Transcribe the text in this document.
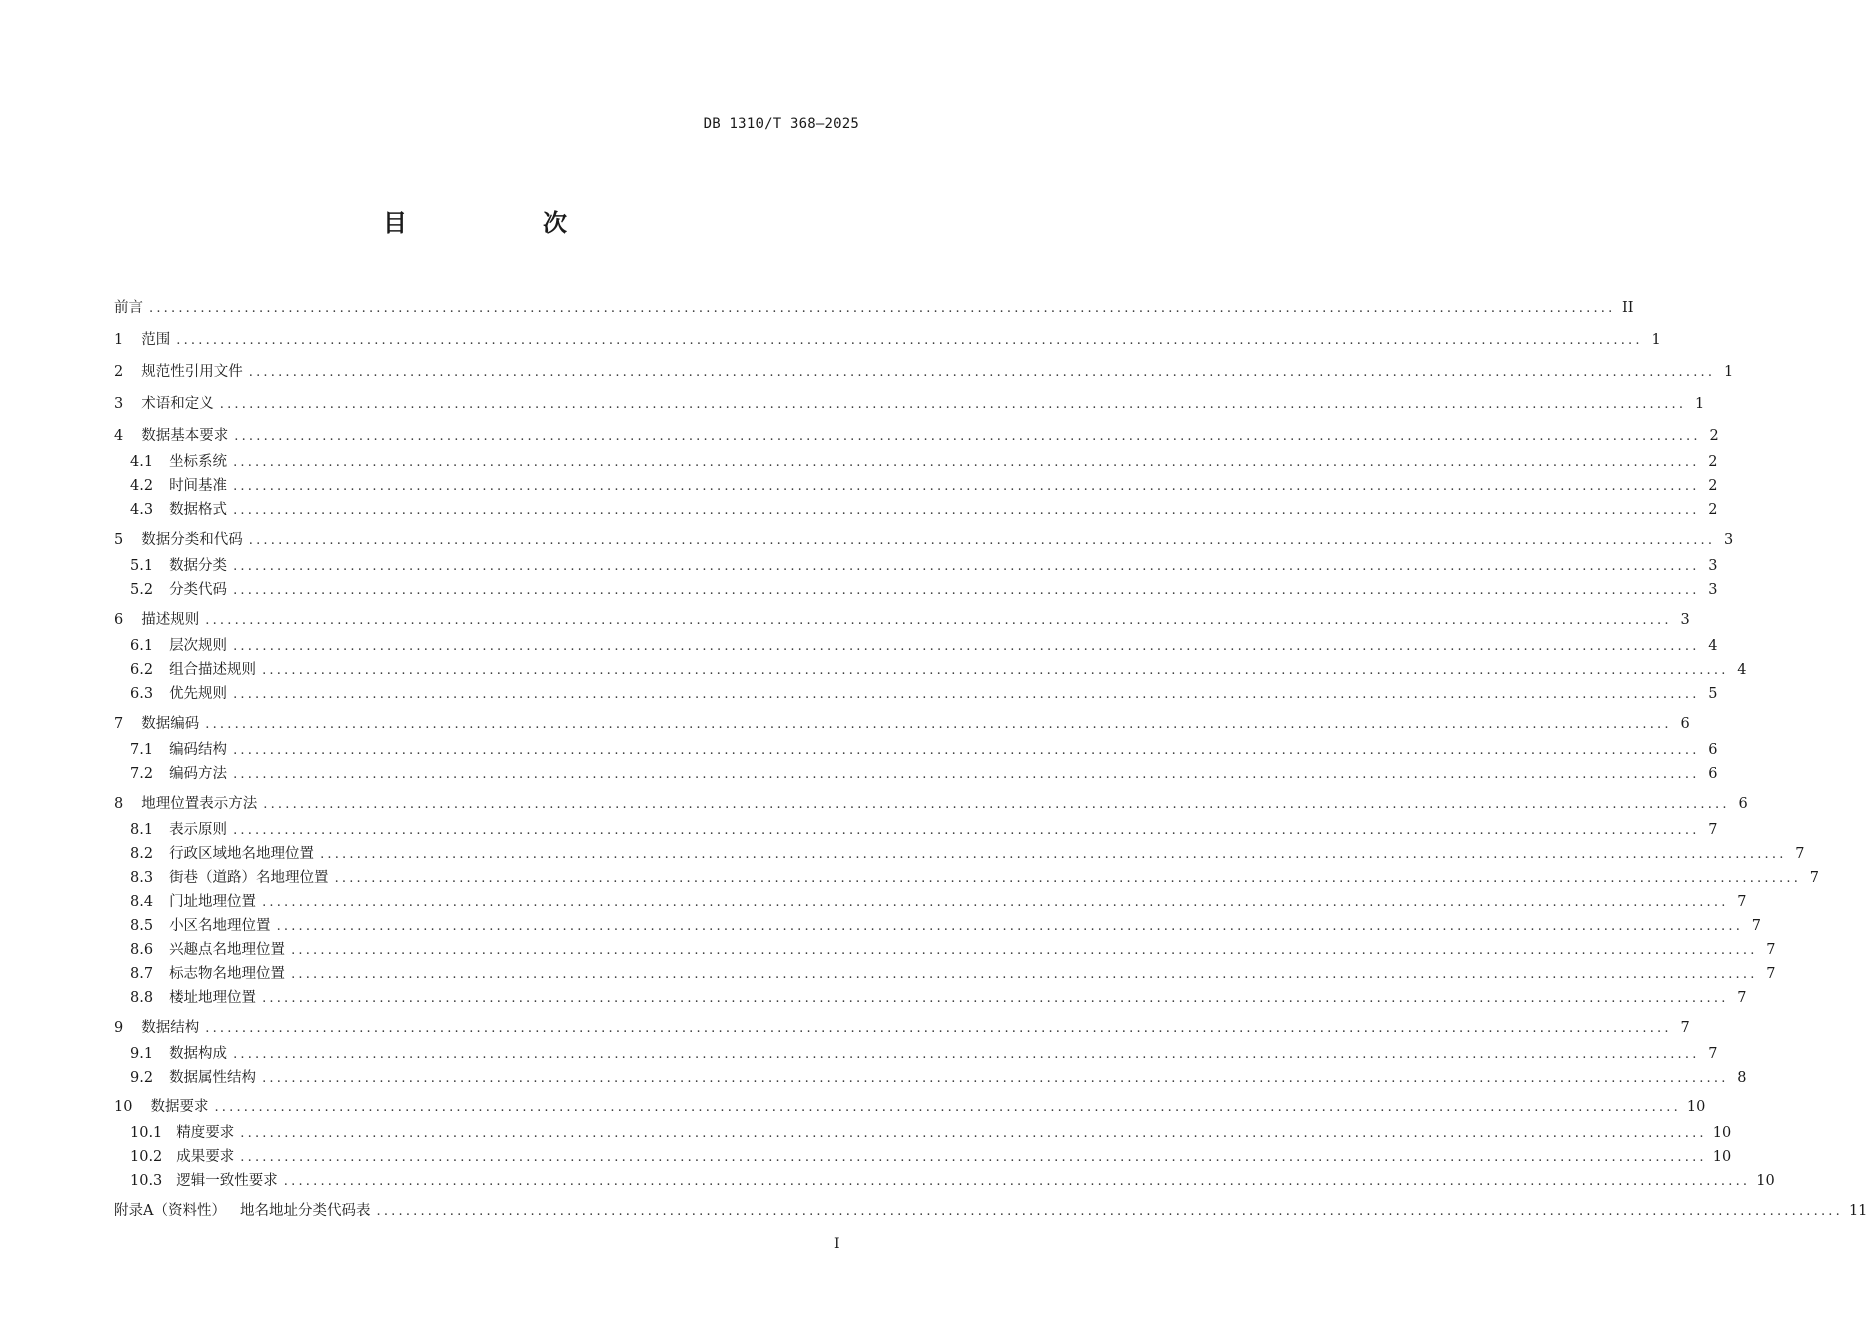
DB 1310/T 368—2025
目　次
前言 ........................................................................................................................................................................................................ II
1 范围 ........................................................................................................................................................................................................ 1
2 规范性引用文件 ........................................................................................................................................................................................................ 1
3 术语和定义 ........................................................................................................................................................................................................ 1
4 数据基本要求 ........................................................................................................................................................................................................ 2
4.1 坐标系统 ........................................................................................................................................................................................................ 2
4.2 时间基准 ........................................................................................................................................................................................................ 2
4.3 数据格式 ........................................................................................................................................................................................................ 2
5 数据分类和代码 ........................................................................................................................................................................................................ 3
5.1 数据分类 ........................................................................................................................................................................................................ 3
5.2 分类代码 ........................................................................................................................................................................................................ 3
6 描述规则 ........................................................................................................................................................................................................ 3
6.1 层次规则 ........................................................................................................................................................................................................ 4
6.2 组合描述规则 ........................................................................................................................................................................................................ 4
6.3 优先规则 ........................................................................................................................................................................................................ 5
7 数据编码 ........................................................................................................................................................................................................ 6
7.1 编码结构 ........................................................................................................................................................................................................ 6
7.2 编码方法 ........................................................................................................................................................................................................ 6
8 地理位置表示方法 ........................................................................................................................................................................................................ 6
8.1 表示原则 ........................................................................................................................................................................................................ 7
8.2 行政区域地名地理位置 ........................................................................................................................................................................................................ 7
8.3 街巷（道路）名地理位置 ........................................................................................................................................................................................................ 7
8.4 门址地理位置 ........................................................................................................................................................................................................ 7
8.5 小区名地理位置 ........................................................................................................................................................................................................ 7
8.6 兴趣点名地理位置 ........................................................................................................................................................................................................ 7
8.7 标志物名地理位置 ........................................................................................................................................................................................................ 7
8.8 楼址地理位置 ........................................................................................................................................................................................................ 7
9 数据结构 ........................................................................................................................................................................................................ 7
9.1 数据构成 ........................................................................................................................................................................................................ 7
9.2 数据属性结构 ........................................................................................................................................................................................................ 8
10 数据要求 ........................................................................................................................................................................................................ 10
10.1 精度要求 ........................................................................................................................................................................................................ 10
10.2 成果要求 ........................................................................................................................................................................................................ 10
10.3 逻辑一致性要求 ........................................................................................................................................................................................................ 10
附录A（资料性） 地名地址分类代码表 ........................................................................................................................................................................................................ 11
I
